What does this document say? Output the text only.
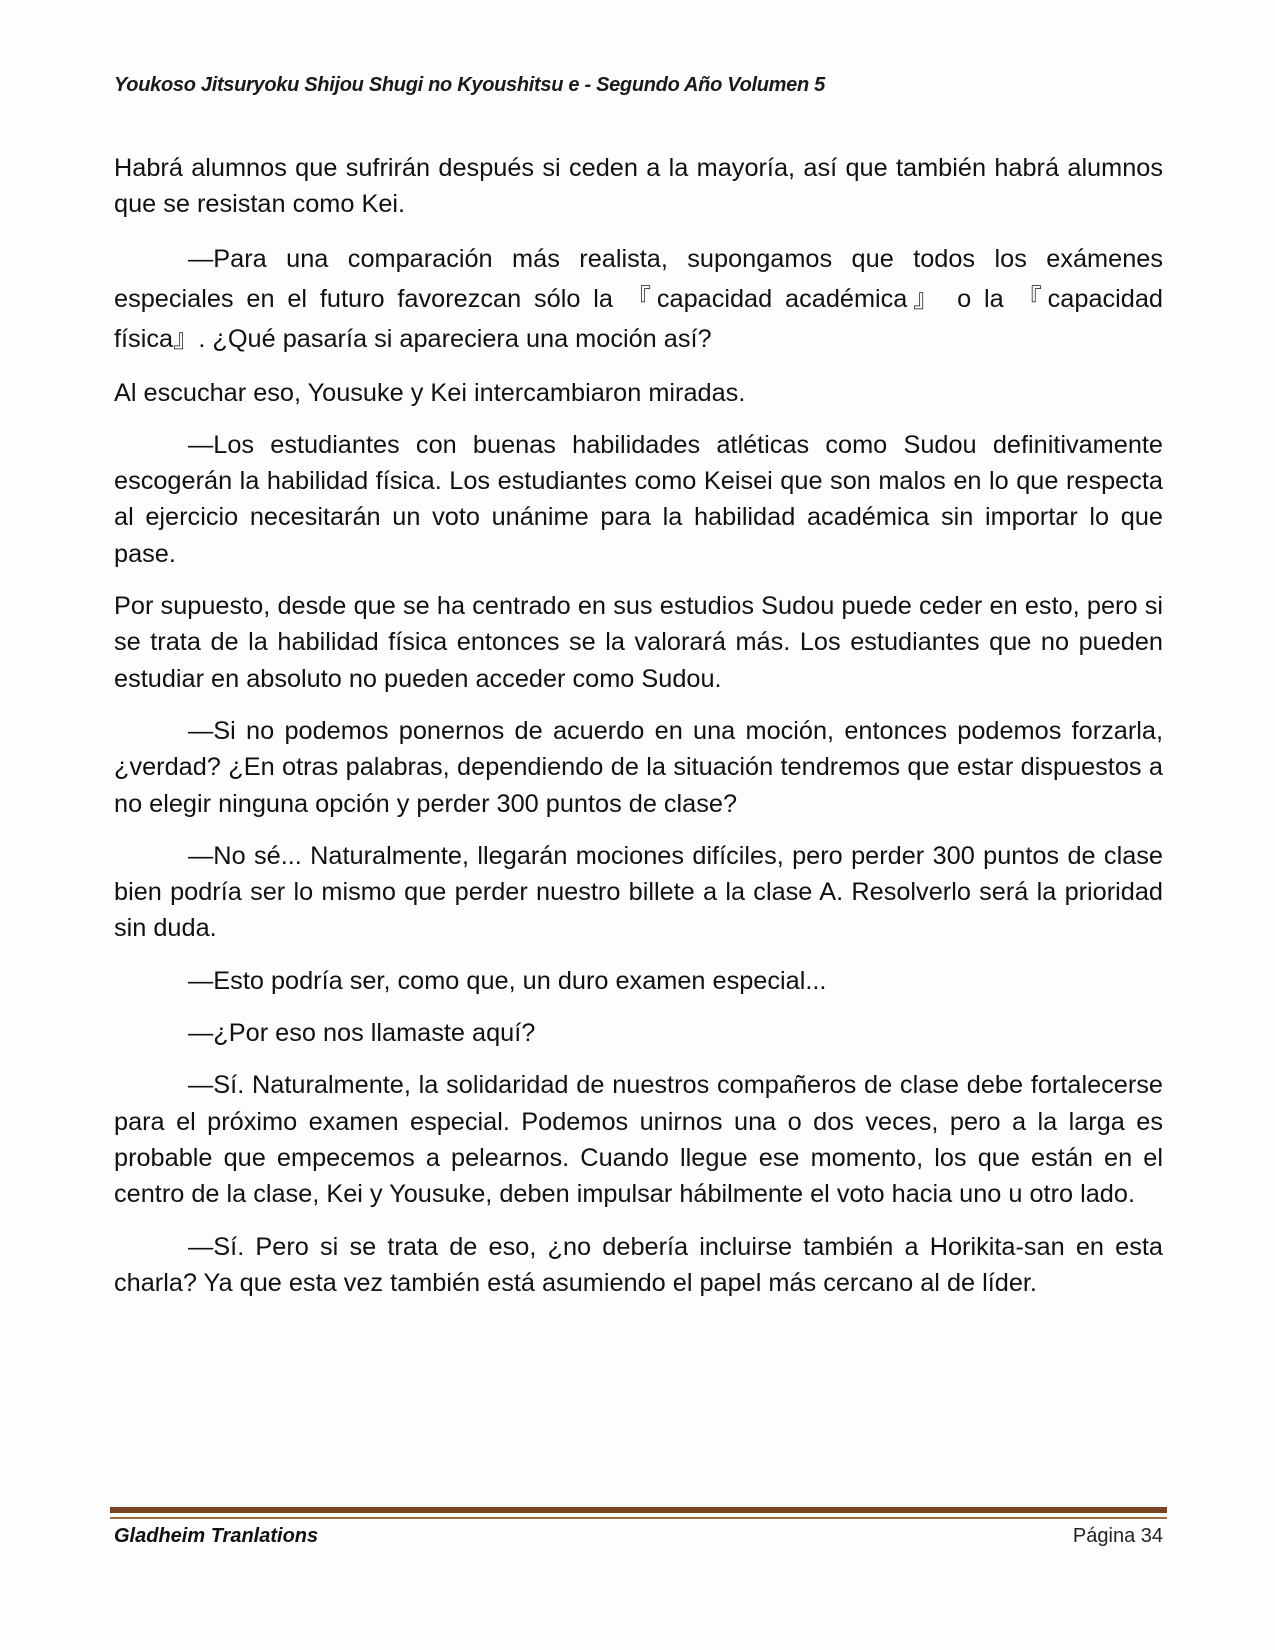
Youkoso Jitsuryoku Shijou Shugi no Kyoushitsu e - Segundo Año Volumen 5

Habrá alumnos que sufrirán después si ceden a la mayoría, así que también habrá alumnos que se resistan como Kei.

—Para una comparación más realista, supongamos que todos los exámenes especiales en el futuro favorezcan sólo la 『capacidad académica』 o la 『capacidad física』. ¿Qué pasaría si apareciera una moción así?

Al escuchar eso, Yousuke y Kei intercambiaron miradas.

—Los estudiantes con buenas habilidades atléticas como Sudou definitivamente escogerán la habilidad física. Los estudiantes como Keisei que son malos en lo que respecta al ejercicio necesitarán un voto unánime para la habilidad académica sin importar lo que pase.

Por supuesto, desde que se ha centrado en sus estudios Sudou puede ceder en esto, pero si se trata de la habilidad física entonces se la valorará más. Los estudiantes que no pueden estudiar en absoluto no pueden acceder como Sudou.

—Si no podemos ponernos de acuerdo en una moción, entonces podemos forzarla, ¿verdad? ¿En otras palabras, dependiendo de la situación tendremos que estar dispuestos a no elegir ninguna opción y perder 300 puntos de clase?

—No sé... Naturalmente, llegarán mociones difíciles, pero perder 300 puntos de clase bien podría ser lo mismo que perder nuestro billete a la clase A. Resolverlo será la prioridad sin duda.

—Esto podría ser, como que, un duro examen especial...

—¿Por eso nos llamaste aquí?

—Sí. Naturalmente, la solidaridad de nuestros compañeros de clase debe fortalecerse para el próximo examen especial. Podemos unirnos una o dos veces, pero a la larga es probable que empecemos a pelearnos. Cuando llegue ese momento, los que están en el centro de la clase, Kei y Yousuke, deben impulsar hábilmente el voto hacia uno u otro lado.

—Sí. Pero si se trata de eso, ¿no debería incluirse también a Horikita-san en esta charla? Ya que esta vez también está asumiendo el papel más cercano al de líder.

Gladheim Tranlations	Página 34
